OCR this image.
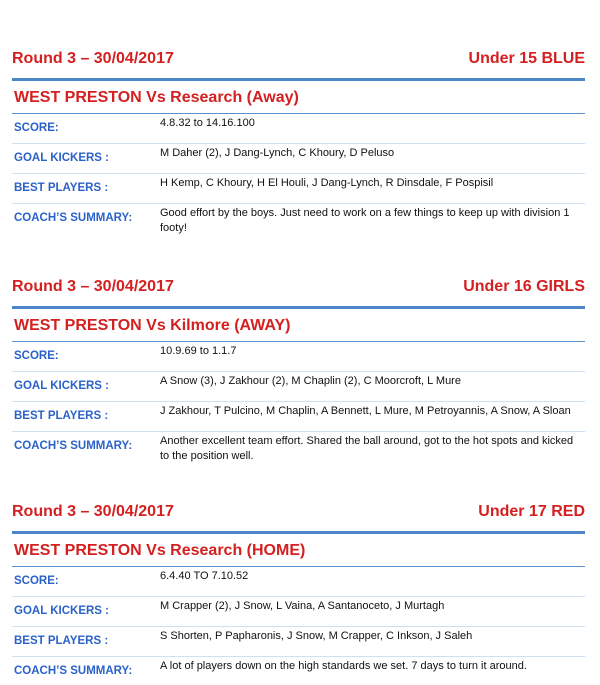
Round 3 – 30/04/2017	Under 15 BLUE
WEST PRESTON Vs Research (Away)
SCORE:	4.8.32 to 14.16.100
GOAL KICKERS :	M Daher (2), J Dang-Lynch, C Khoury, D Peluso
BEST PLAYERS :	H Kemp, C Khoury, H El Houli, J Dang-Lynch, R Dinsdale, F Pospisil
COACH’S SUMMARY:	Good effort by the boys. Just need to work on a few things to keep up with division 1 footy!
Round 3 – 30/04/2017	Under 16 GIRLS
WEST PRESTON Vs Kilmore (AWAY)
SCORE:	10.9.69 to 1.1.7
GOAL KICKERS :	A Snow (3), J Zakhour (2), M Chaplin (2), C Moorcroft, L Mure
BEST PLAYERS :	J Zakhour, T Pulcino, M Chaplin, A Bennett, L Mure, M Petroyannis, A Snow, A Sloan
COACH’S SUMMARY:	Another excellent team effort. Shared the ball around, got to the hot spots and kicked to the position well.
Round 3 – 30/04/2017	Under 17 RED
WEST PRESTON Vs Research (HOME)
SCORE:	6.4.40 TO 7.10.52
GOAL KICKERS :	M Crapper (2), J Snow, L Vaina, A Santanoceto, J Murtagh
BEST PLAYERS :	S Shorten, P Papharonis, J Snow, M Crapper, C Inkson, J Saleh
COACH’S SUMMARY:	A lot of players down on the high standards we set. 7 days to turn it around.
